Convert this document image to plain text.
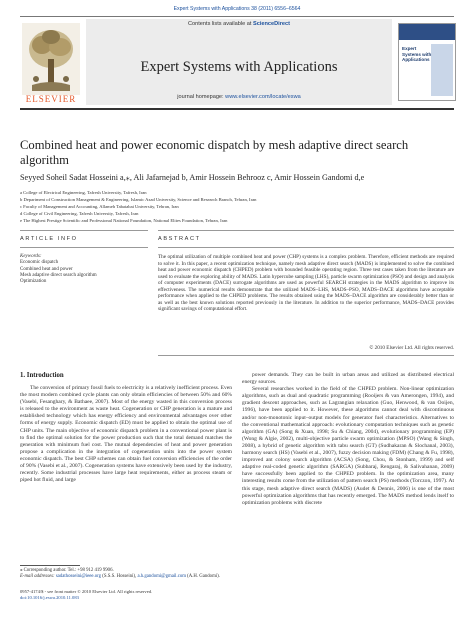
Expert Systems with Applications 38 (2011) 6556–6564
ELSEVIER
Contents lists available at ScienceDirect
Expert Systems with Applications
journal homepage: www.elsevier.com/locate/eswa
Expert Systems with Applications
Combined heat and power economic dispatch by mesh adaptive direct search algorithm
Seyyed Soheil Sadat Hosseini a,⁎, Ali Jafarnejad b, Amir Hossein Behrooz c, Amir Hossein Gandomi d,e
a College of Electrical Engineering, Tafresh University, Tafresh, Iran
b Department of Construction Management & Engineering, Islamic Azad University, Science and Research Branch, Tehran, Iran
c Faculty of Management and Accounting, Allameh Tabatabai University, Tehran, Iran
d College of Civil Engineering, Tafresh University, Tafresh, Iran
e The Highest Prestige Scientific and Professional National Foundation, National Elites Foundation, Tehran, Iran
ARTICLE INFO	ABSTRACT
Keywords:
Economic dispatch
Combined heat and power
Mesh adaptive direct search algorithm
Optimization

The optimal utilization of multiple combined heat and power (CHP) systems is a complex problem. Therefore, efficient methods are required to solve it. In this paper, a recent optimization technique, namely mesh adaptive direct search (MADS) is implemented to solve the combined heat and power economic dispatch (CHPED) problem with bounded feasible operating region. Three test cases taken from the literature are used to evaluate the exploring ability of MADS. Latin hypercube sampling (LHS), particle swarm optimization (PSO) and design and analysis of computer experiments (DACE) surrogate algorithms are used as powerful SEARCH strategies in the MADS algorithm to improve its effectiveness. The numerical results demonstrate that the utilized MADS–LHS, MADS–PSO, MADS–DACE algorithms have acceptable performance when applied to the CHPED problems. The results obtained using the MADS–DACE algorithm are considerably better than or as well as the best known solutions reported previously in the literature. In addition to the superior performance, MADS–DACE provides significant savings of computational effort.

© 2010 Elsevier Ltd. All rights reserved.
1. Introduction

The conversion of primary fossil fuels to electricity is a relatively inefficient process. Even the most modern combined cycle plants can only obtain efficiencies of between 50% and 60% (Vasebi, Fesanghary, & Bathaee, 2007). Most of the energy wasted in this conversion process is released to the environment as waste heat. Cogeneration or CHP generation is a mature and established technology which has energy efficiency and environmental advantages over other forms of energy supply. Economic dispatch (ED) must be applied to obtain the optimal use of CHP units. The main objective of economic dispatch problem in a conventional power plant is to find the optimal solution for the power production such that the total demand matches the generation with minimum fuel cost. The mutual dependencies of heat and power generation propose a complication in the integration of cogeneration units into the power system economic dispatch. The best CHP schemes can obtain fuel conversion efficiencies of the order of 90% (Vasebi et al., 2007). Cogeneration systems have extensively been used by the industry, recently. Some industrial processes have large heat requirements, either as process steam or piped hot fluid, and large

power demands. They can be built in urban areas and utilized as distributed electrical energy sources.

Several researches worked in the field of the CHPED problem. Non-linear optimization algorithms, such as dual and quadratic programming (Rooijers & van Amerongen, 1994), and gradient descent approaches, such as Lagrangian relaxation (Guo, Henwood, & van Ooijen, 1996), have been applied to it. However, these algorithms cannot deal with discontinuous and/or non-monotonic input–output models for generator fuel characteristics. Alternatives to the conventional mathematical approach: evolutionary computation techniques such as genetic algorithm (GA) (Song & Xuan, 1998; Su & Chiang, 2004), evolutionary programming (EP) (Wong & Algie, 2002), multi-objective particle swarm optimization (MPSO) (Wang & Singh, 2008), a hybrid of genetic algorithm with tabu search (GT) (Sudhakaran & Slochanal, 2003), harmony search (HS) (Vasebi et al., 2007), fuzzy decision making (FDM) (Chang & Fu, 1998), improved ant colony search algorithm (ACSA) (Song, Chou, & Stonham, 1999) and self adaptive real-coded genetic algorithm (SARGA) (Subbaraj, Rengaraj, & Salivahanan, 2009) have successfully been applied to the CHPED problem. In the optimization area, many interesting results come from the utilization of pattern search (PS) methods (Torczon, 1997). At this stage, mesh adaptive direct search (MADS) (Audet & Dennis, 2006) is one of the most powerful optimization algorithms that has recently emerged. The MADS method lends itself to optimization problems with discrete

⁎ Corresponding author. Tel.: +98 912 419 9906.
E-mail addresses: sadathosseini@ieee.org (S.S.S. Hosseini), a.h.gandomi@gmail.com (A.H. Gandomi).
0957-4174/$ - see front matter © 2010 Elsevier Ltd. All rights reserved.
doi:10.1016/j.eswa.2010.11.083
